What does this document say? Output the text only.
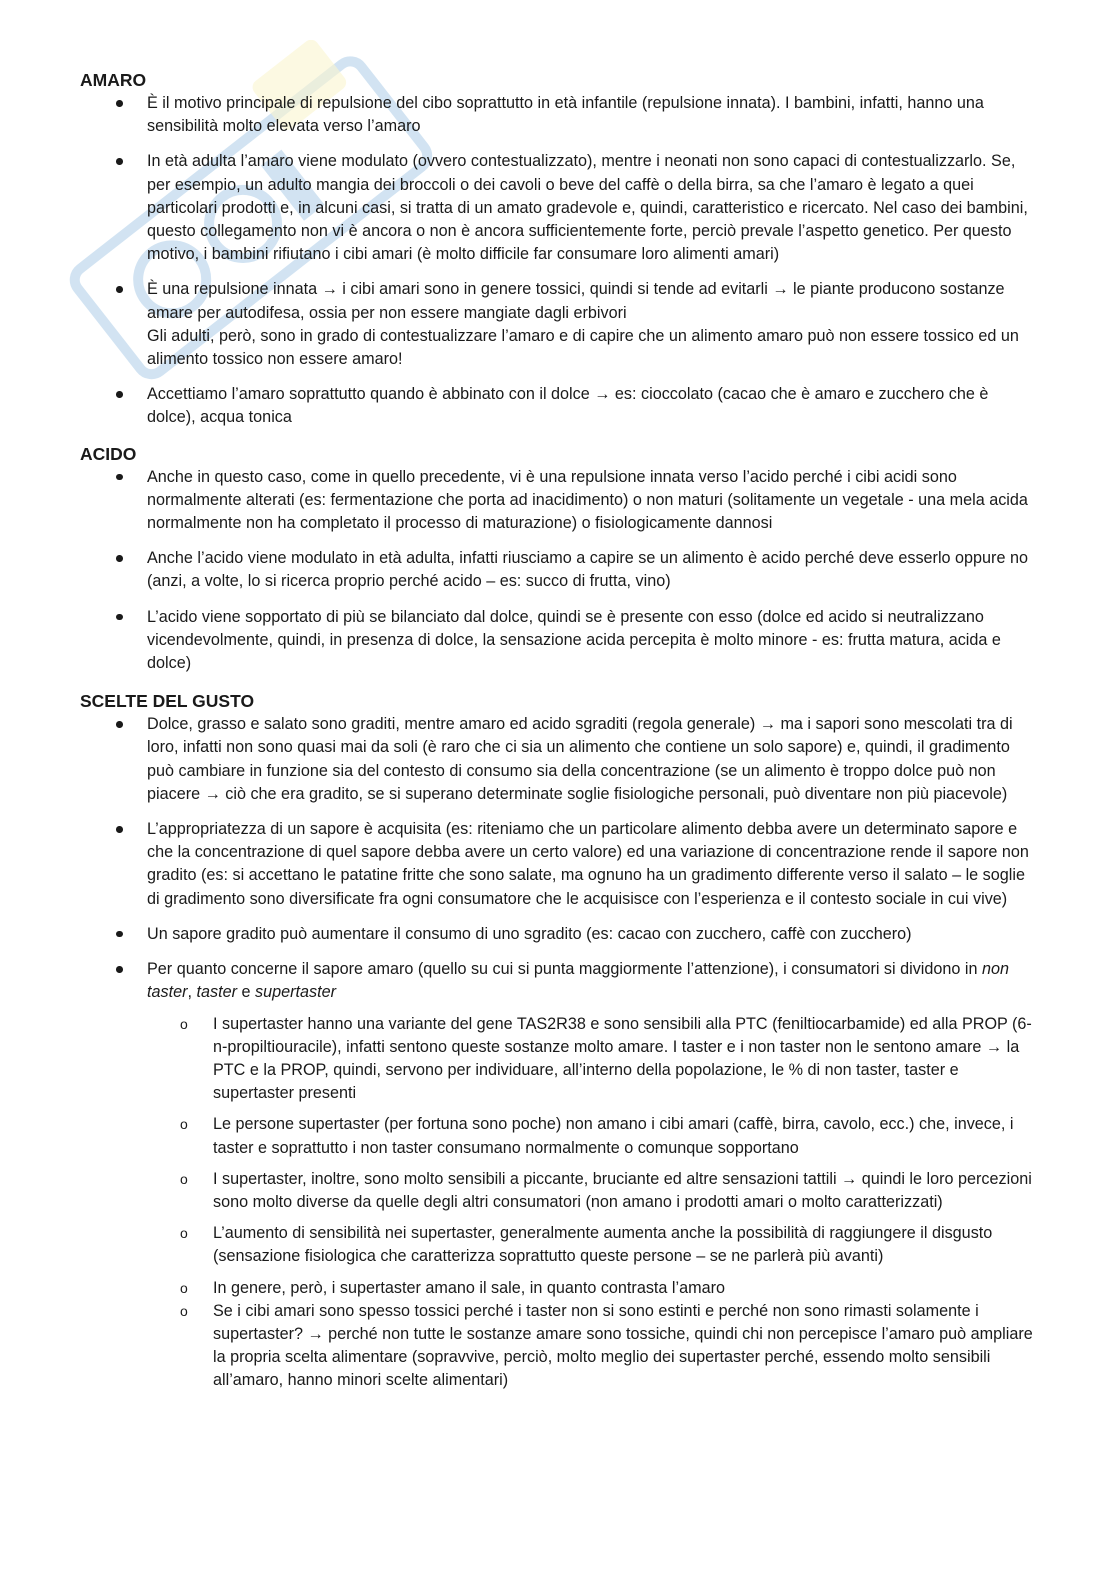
AMARO
È il motivo principale di repulsione del cibo soprattutto in età infantile (repulsione innata). I bambini, infatti, hanno una sensibilità molto elevata verso l’amaro
In età adulta l’amaro viene modulato (ovvero contestualizzato), mentre i neonati non sono capaci di contestualizzarlo. Se, per esempio, un adulto mangia dei broccoli o dei cavoli o beve del caffè o della birra, sa che l’amaro è legato a quei particolari prodotti e, in alcuni casi, si tratta di un amato gradevole e, quindi, caratteristico e ricercato. Nel caso dei bambini, questo collegamento non vi è ancora o non è ancora sufficientemente forte, perciò prevale l’aspetto genetico. Per questo motivo, i bambini rifiutano i cibi amari (è molto difficile far consumare loro alimenti amari)
È una repulsione innata → i cibi amari sono in genere tossici, quindi si tende ad evitarli → le piante producono sostanze amare per autodifesa, ossia per non essere mangiate dagli erbivori
Gli adulti, però, sono in grado di contestualizzare l’amaro e di capire che un alimento amaro può non essere tossico ed un alimento tossico non essere amaro!
Accettiamo l’amaro soprattutto quando è abbinato con il dolce → es: cioccolato (cacao che è amaro e zucchero che è dolce), acqua tonica
ACIDO
Anche in questo caso, come in quello precedente, vi è una repulsione innata verso l’acido perché i cibi acidi sono normalmente alterati (es: fermentazione che porta ad inacidimento) o non maturi (solitamente un vegetale - una mela acida normalmente non ha completato il processo di maturazione) o fisiologicamente dannosi
Anche l’acido viene modulato in età adulta, infatti riusciamo a capire se un alimento è acido perché deve esserlo oppure no (anzi, a volte, lo si ricerca proprio perché acido – es: succo di frutta, vino)
L’acido viene sopportato di più se bilanciato dal dolce, quindi se è presente con esso (dolce ed acido si neutralizzano vicendevolmente, quindi, in presenza di dolce, la sensazione acida percepita è molto minore - es: frutta matura, acida e dolce)
SCELTE DEL GUSTO
Dolce, grasso e salato sono graditi, mentre amaro ed acido sgraditi (regola generale) → ma i sapori sono mescolati tra di loro, infatti non sono quasi mai da soli (è raro che ci sia un alimento che contiene un solo sapore) e, quindi, il gradimento può cambiare in funzione sia del contesto di consumo sia della concentrazione (se un alimento è troppo dolce può non piacere → ciò che era gradito, se si superano determinate soglie fisiologiche personali, può diventare non più piacevole)
L’appropriatezza di un sapore è acquisita (es: riteniamo che un particolare alimento debba avere un determinato sapore e che la concentrazione di quel sapore debba avere un certo valore) ed una variazione di concentrazione rende il sapore non gradito (es: si accettano le patatine fritte che sono salate, ma ognuno ha un gradimento differente verso il salato – le soglie di gradimento sono diversificate fra ogni consumatore che le acquisisce con l’esperienza e il contesto sociale in cui vive)
Un sapore gradito può aumentare il consumo di uno sgradito (es: cacao con zucchero, caffè con zucchero)
Per quanto concerne il sapore amaro (quello su cui si punta maggiormente l’attenzione), i consumatori si dividono in non taster, taster e supertaster
o I supertaster hanno una variante del gene TAS2R38 e sono sensibili alla PTC (feniltiocarbamide) ed alla PROP (6-n-propiltiouracile), infatti sentono queste sostanze molto amare. I taster e i non taster non le sentono amare → la PTC e la PROP, quindi, servono per individuare, all’interno della popolazione, le % di non taster, taster e supertaster presenti
o Le persone supertaster (per fortuna sono poche) non amano i cibi amari (caffè, birra, cavolo, ecc.) che, invece, i taster e soprattutto i non taster consumano normalmente o comunque sopportano
o I supertaster, inoltre, sono molto sensibili a piccante, bruciante ed altre sensazioni tattili → quindi le loro percezioni sono molto diverse da quelle degli altri consumatori (non amano i prodotti amari o molto caratterizzati)
o L’aumento di sensibilità nei supertaster, generalmente aumenta anche la possibilità di raggiungere il disgusto (sensazione fisiologica che caratterizza soprattutto queste persone – se ne parlerà più avanti)
o In genere, però, i supertaster amano il sale, in quanto contrasta l’amaro
o Se i cibi amari sono spesso tossici perché i taster non si sono estinti e perché non sono rimasti solamente i supertaster? → perché non tutte le sostanze amare sono tossiche, quindi chi non percepisce l’amaro può ampliare la propria scelta alimentare (sopravvive, perciò, molto meglio dei supertaster perché, essendo molto sensibili all’amaro, hanno minori scelte alimentari)
